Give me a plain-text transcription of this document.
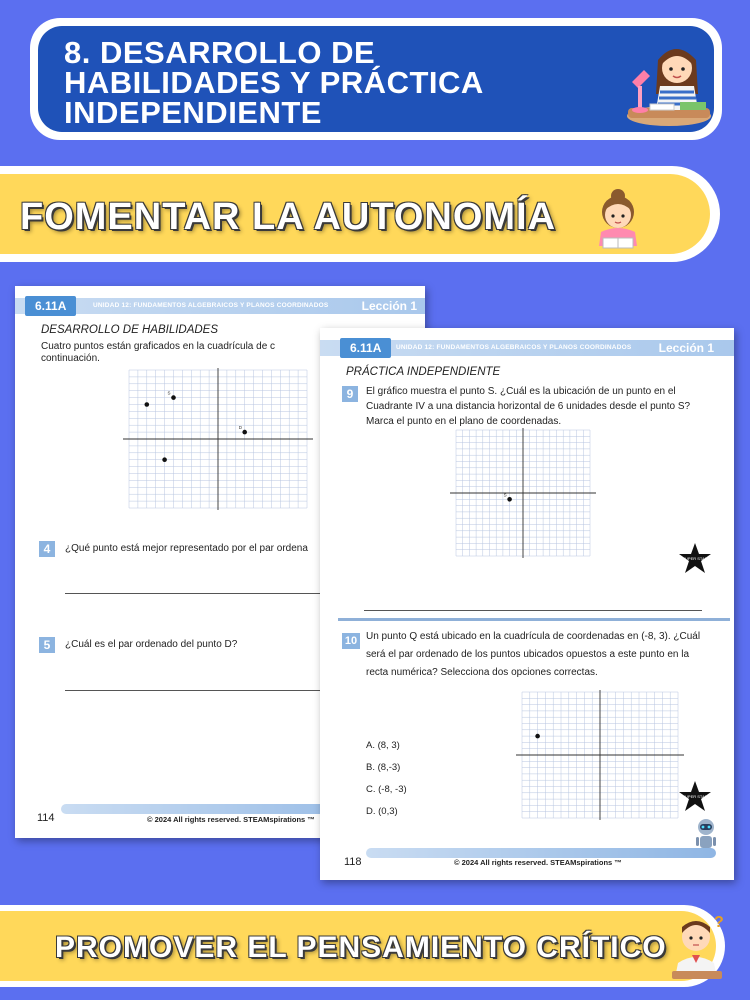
8. DESARROLLO DE
HABILIDADES Y PRÁCTICA
INDEPENDIENTE
FOMENTAR LA AUTONOMÍA
6.11A	UNIDAD 12: FUNDAMENTOS ALGEBRAICOS Y PLANOS COORDINADOS	Lección 1
DESARROLLO DE HABILIDADES
Cuatro puntos están graficados en la cuadrícula de c
continuación.
S
D
4	¿Qué punto está mejor representado por el par ordena
5	¿Cuál es el par ordenado del punto D?
114	© 2024 All rights reserved. STEAMspirations ™
6.11A	UNIDAD 12: FUNDAMENTOS ALGEBRAICOS Y PLANOS COORDINADOS Lección 1
PRÁCTICA INDEPENDIENTE
9	El gráfico muestra el punto S. ¿Cuál es la ubicación de un punto en el
Cuadrante IV a una distancia horizontal de 6 unidades desde el punto S?
Marca el punto en el plano de coordenadas.
S
SUPER STAR
10 Un punto Q está ubicado en la cuadrícula de coordenadas en (-8, 3). ¿Cuál
será el par ordenado de los puntos ubicados opuestos a este punto en la
recta numérica? Selecciona dos opciones correctas.
A. (8, 3)
B. (8,-3)
C. (-8, -3)
D. (0,3)
SUPER STAR
118	© 2024 All rights reserved. STEAMspirations ™
PROMOVER EL PENSAMIENTO CRÍTICO
?
